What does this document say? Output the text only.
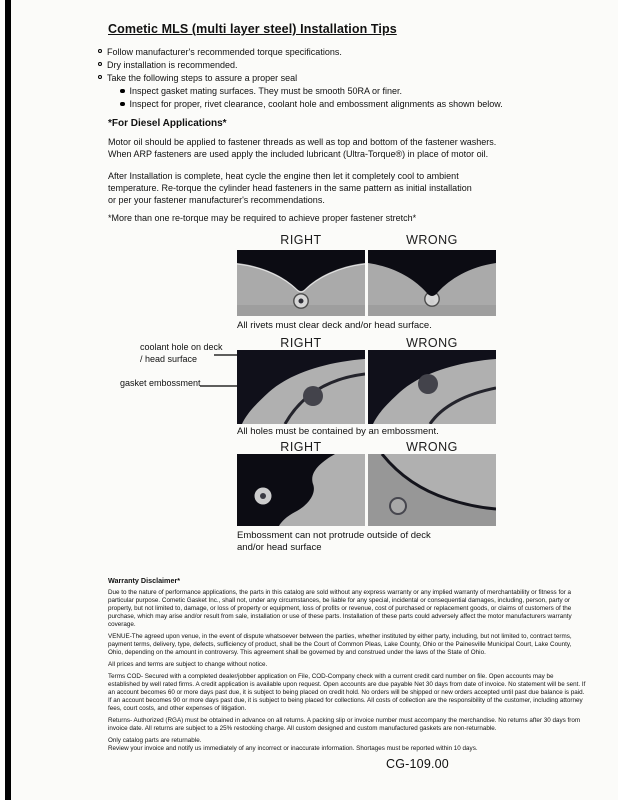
Cometic MLS (multi layer steel) Installation Tips
Follow manufacturer's recommended torque specifications.
Dry installation is recommended.
Take the following steps to assure a proper seal
Inspect gasket mating surfaces. They must be smooth 50RA or finer.
Inspect for proper, rivet clearance, coolant hole and embossment alignments as shown below.
*For Diesel Applications*
Motor oil should be applied to fastener threads as well as top and bottom of the fastener washers.
When ARP fasteners are used apply the included lubricant (Ultra-Torque®) in place of motor oil.
After Installation is complete, heat cycle the engine then let it completely cool to ambient
temperature. Re-torque the cylinder head fasteners in the same pattern as initial installation
or per your fastener manufacturer's recommendations.
*More than one re-torque may be required to achieve proper fastener stretch*
RIGHT	WRONG
All rivets must clear deck and/or head surface.
RIGHT	WRONG
coolant hole on deck / head surface
gasket embossment
All holes must be contained by an embossment.
RIGHT	WRONG
Embossment can not protrude outside of deck and/or head surface
Warranty Disclaimer*

Due to the nature of performance applications, the parts in this catalog are sold without any express warranty or any implied warranty of merchantability or fitness for a particular purpose. Cometic Gasket Inc., shall not, under any circumstances, be liable for any special, incidental or consequential damages, including, person, party or property, but not limited to, damage, or loss of property or equipment, loss of profits or revenue, cost of purchased or replacement goods, or claims of customers of the purchase, which may arise and/or result from sale, installation or use of these parts. Installation of these parts could adversely affect the motor manufacturers warranty coverage.

VENUE-The agreed upon venue, in the event of dispute whatsoever between the parties, whether instituted by either party, including, but not limited to, contract terms, payment terms, delivery, type, defects, sufficiency of product, shall be the Court of Common Pleas, Lake County, Ohio or the Painesville Municipal Court, Lake County, Ohio, depending on the amount in controversy. This agreement shall be governed by and construed under the laws of the State of Ohio.

All prices and terms are subject to change without notice.

Terms COD- Secured with a completed dealer/jobber application on File, COD-Company check with a current credit card number on file. Open accounts may be established by well rated firms. A credit application is available upon request. Open accounts are due payable Net 30 days from date of invoice. No statement will be sent. If an account becomes 60 or more days past due, it is subject to being placed on credit hold. No orders will be shipped or new orders accepted until past due balance is paid. If an account becomes 90 or more days past due, it is subject to being placed for collections. All costs of collection are the responsibility of the customer, including attorney fees, court costs, and other expenses of litigation.

Returns- Authorized (RGA) must be obtained in advance on all returns. A packing slip or invoice number must accompany the merchandise. No returns after 30 days from invoice date. All returns are subject to a 25% restocking charge. All custom designed and custom manufactured gaskets are non-returnable.

Only catalog parts are returnable.

Review your invoice and notify us immediately of any incorrect or inaccurate information. Shortages must be reported within 10 days.

CG-109.00
